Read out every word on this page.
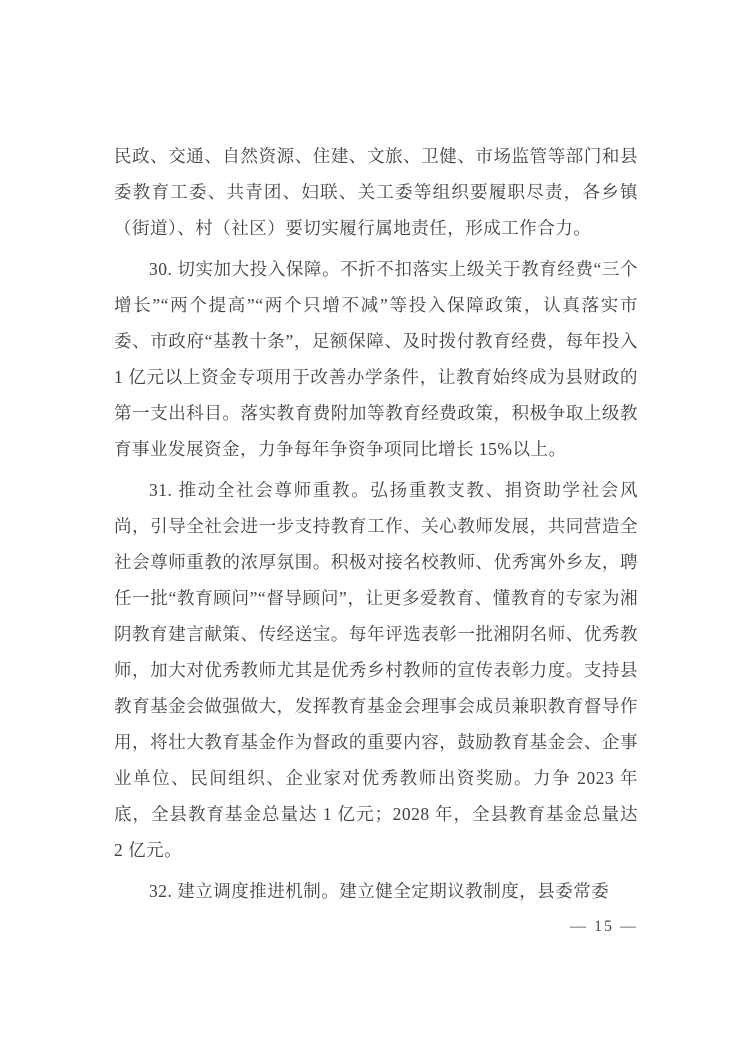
民政、交通、自然资源、住建、文旅、卫健、市场监管等部门和县委教育工委、共青团、妇联、关工委等组织要履职尽责，各乡镇（街道）、村（社区）要切实履行属地责任，形成工作合力。

30. 切实加大投入保障。不折不扣落实上级关于教育经费“三个增长”“两个提高”“两个只增不减”等投入保障政策，认真落实市委、市政府“基教十条”，足额保障、及时拨付教育经费，每年投入 1 亿元以上资金专项用于改善办学条件，让教育始终成为县财政的第一支出科目。落实教育费附加等教育经费政策，积极争取上级教育事业发展资金，力争每年争资争项同比增长 15%以上。

31. 推动全社会尊师重教。弘扬重教支教、捐资助学社会风尚，引导全社会进一步支持教育工作、关心教师发展，共同营造全社会尊师重教的浓厚氛围。积极对接名校教师、优秀寓外乡友，聘任一批“教育顾问”“督导顾问”，让更多爱教育、懂教育的专家为湘阴教育建言献策、传经送宝。每年评选表彰一批湘阴名师、优秀教师，加大对优秀教师尤其是优秀乡村教师的宣传表彰力度。支持县教育基金会做强做大，发挥教育基金会理事会成员兼职教育督导作用，将壮大教育基金作为督政的重要内容，鼓励教育基金会、企事业单位、民间组织、企业家对优秀教师出资奖励。力争 2023 年底，全县教育基金总量达 1 亿元；2028 年，全县教育基金总量达 2 亿元。

32. 建立调度推进机制。建立健全定期议教制度，县委常委

— 15 —
